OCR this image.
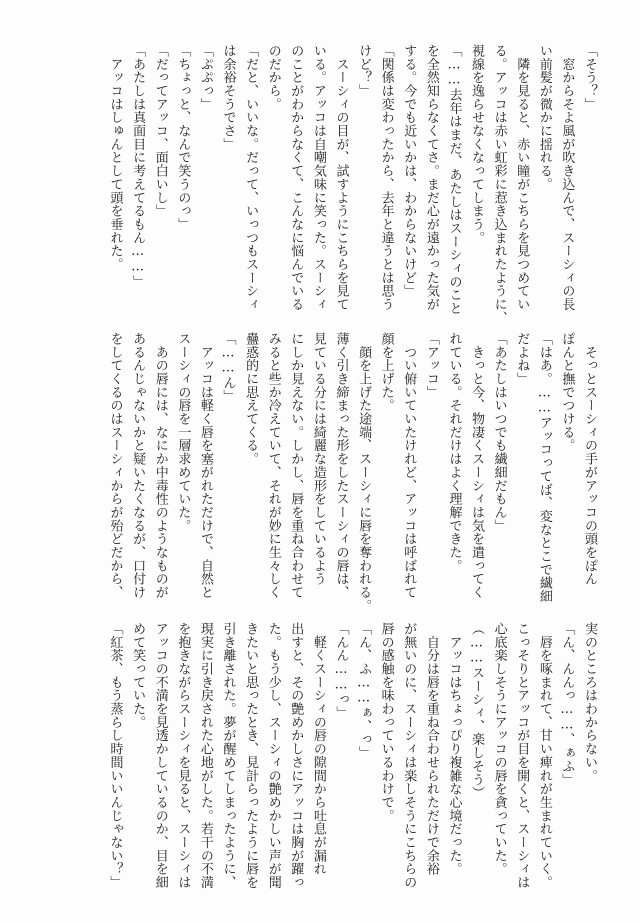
「そう？」

　窓からそよ風が吹き込んで、スーシィの長

い前髪が微かに揺れる。

　隣を見ると、赤い瞳がこちらを見つめてい

る。アッコは赤い虹彩に惹き込まれたように、

視線を逸らせなくなってしまう。

「……去年はまだ、あたしはスーシィのこと

を全然知らなくてさ。まだ心が遠かった気が

する。今でも近いかは、わからないけど」

「関係は変わったから、去年と違うとは思う

けど？」

　スーシィの目が、試すようにこちらを見て

いる。アッコは自嘲気味に笑った。スーシィ

のことがわからなくて、こんなに悩んでいる

のだから。

「だと、いいな。だって、いっつもスーシィ

は余裕そうでさ」

「ぷぷっ」

「ちょっと、なんで笑うのっ」

「だってアッコ、面白いし」

「あたしは真面目に考えてるもん……」

　アッコはしゅんとして頭を垂れた。

　そっとスーシィの手がアッコの頭をぽん

ぽんと撫でつける。

「はあ。……アッコってば、変なとこで繊細

だよね」

「あたしはいつでも繊細だもん」

　きっと今、物凄くスーシィは気を遣ってく

れている。それだけはよく理解できた。

「アッコ」

　つい俯いていたけれど、アッコは呼ばれて

顔を上げた。

　顔を上げた途端、スーシィに唇を奪われる。

薄く引き締まった形をしたスーシィの唇は、

見ている分には綺麗な造形をしているよう

にしか見えない。しかし、唇を重ね合わせて

みると些か冷えていて、それが妙に生々しく

蠱惑的に思えてくる。

「……ん」

　アッコは軽く唇を塞がれただけで、自然と

スーシィの唇を一層求めていた。

　あの唇には、なにか中毒性のようなものが

あるんじゃないかと疑いたくなるが、口付け

をしてくるのはスーシィからが殆どだから、

実のところはわからない。

「ん、んんっ……、ぁふ」

　唇を啄まれて、甘い痺れが生まれていく。

こっそりとアッコが目を開くと、スーシィは

心底楽しそうにアッコの唇を貪っていた。

（……スーシィ、楽しそう）

　アッコはちょっぴり複雑な心境だった。

　自分は唇を重ね合わせられただけで余裕

が無いのに、スーシィは楽しそうにこちらの

唇の感触を味わっているわけで。

「ん、ふ……ぁ、っ」

「んん……っ」

　軽くスーシィの唇の隙間から吐息が漏れ

出すと、その艶めかしさにアッコは胸が躍っ

た。もう少し、スーシィの艶めかしい声が聞

きたいと思ったとき、見計らったように唇を

引き離された。夢が醒めてしまったように、

現実に引き戻された心地がした。若干の不満

を抱きながらスーシィを見ると、スーシィは

アッコの不満を見透かしているのか、目を細

めて笑っていた。

「紅茶、もう蒸らし時間いいんじゃない？」
